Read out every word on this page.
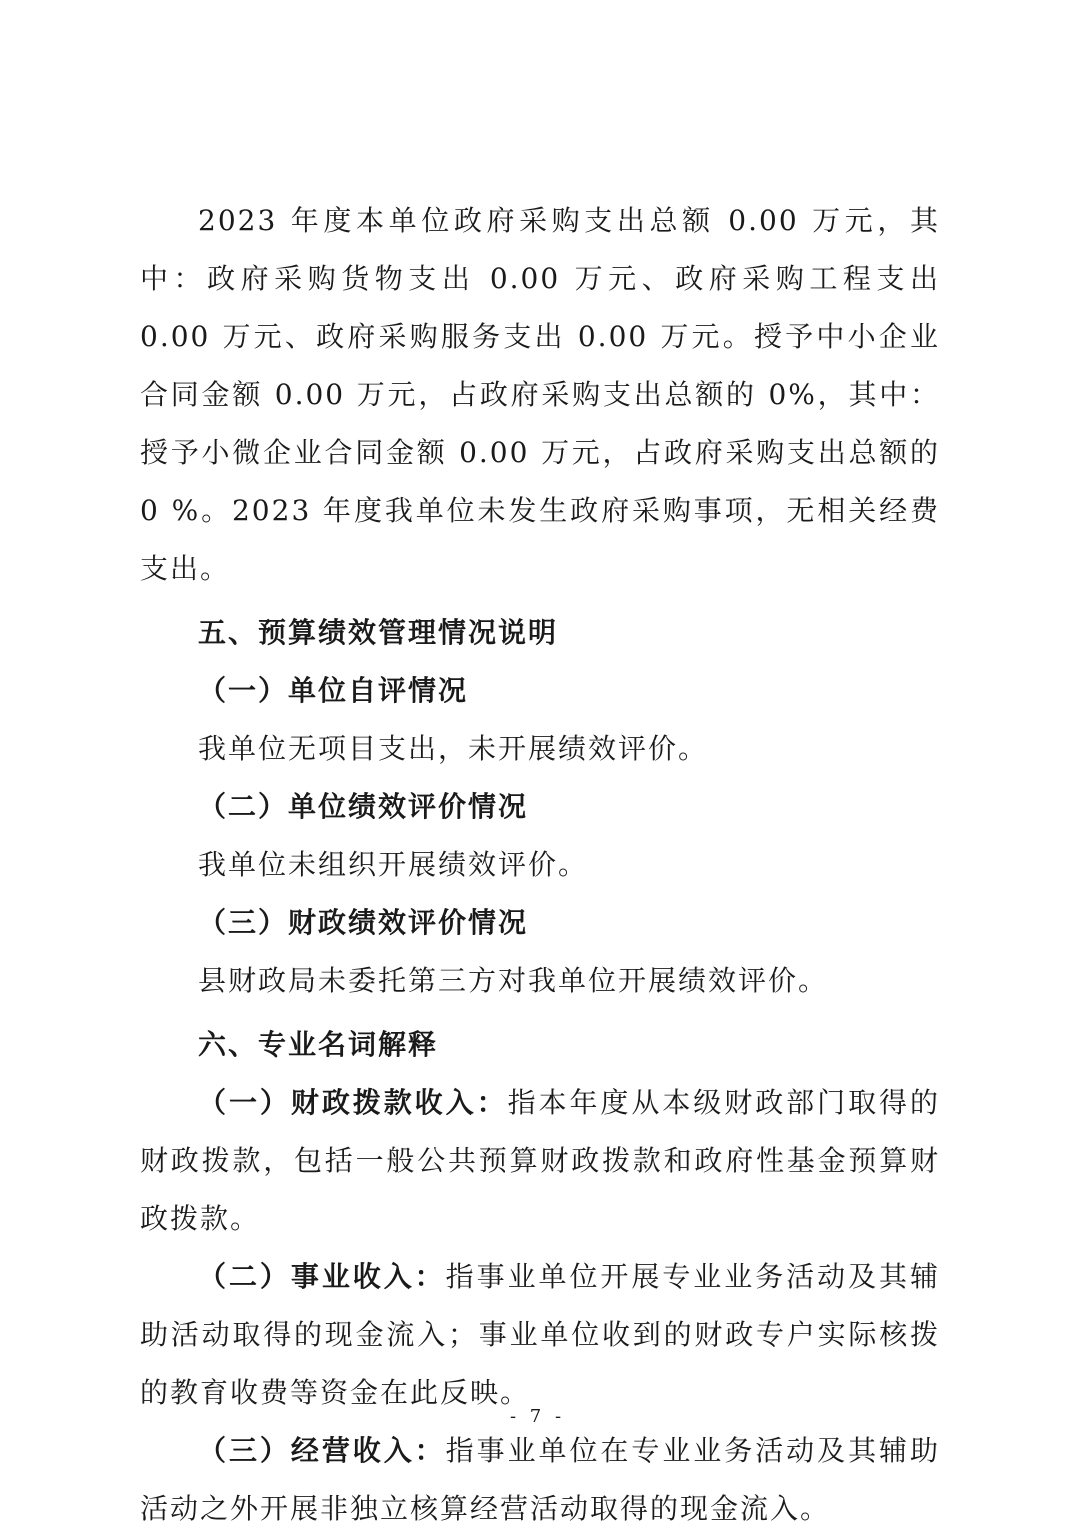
2023 年度本单位政府采购支出总额 0.00 万元，其中：政府采购货物支出 0.00 万元、政府采购工程支出 0.00 万元、政府采购服务支出 0.00 万元。授予中小企业合同金额 0.00 万元，占政府采购支出总额的 0%，其中：授予小微企业合同金额 0.00 万元，占政府采购支出总额的 0 %。2023 年度我单位未发生政府采购事项，无相关经费支出。

五、预算绩效管理情况说明

（一）单位自评情况

我单位无项目支出，未开展绩效评价。

（二）单位绩效评价情况

我单位未组织开展绩效评价。

（三）财政绩效评价情况

县财政局未委托第三方对我单位开展绩效评价。

六、专业名词解释

（一）财政拨款收入：指本年度从本级财政部门取得的财政拨款，包括一般公共预算财政拨款和政府性基金预算财政拨款。

（二）事业收入：指事业单位开展专业业务活动及其辅助活动取得的现金流入；事业单位收到的财政专户实际核拨的教育收费等资金在此反映。

（三）经营收入：指事业单位在专业业务活动及其辅助活动之外开展非独立核算经营活动取得的现金流入。

- 7 -
